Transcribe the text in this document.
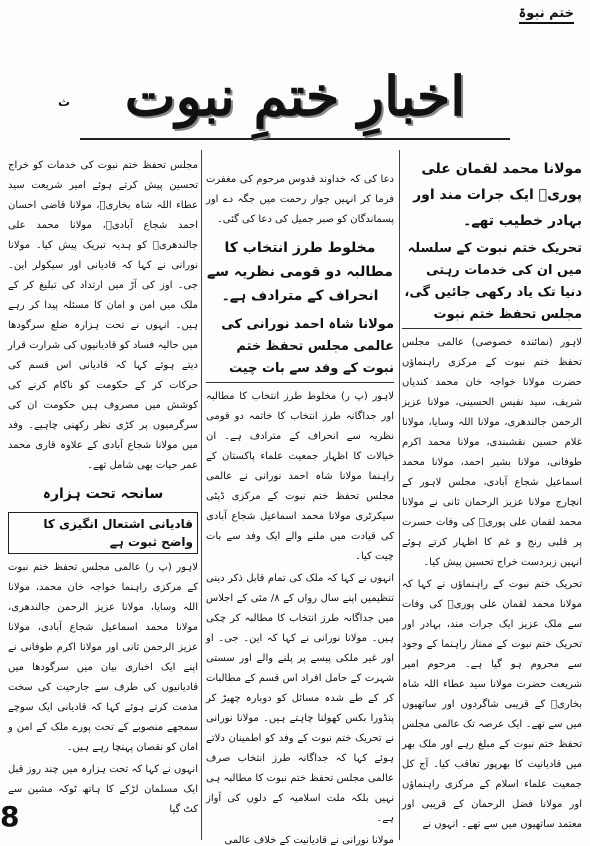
ختم نبوۃ
اخبارِ ختمِ نبوت
ث
مولانا محمد لقمان علی پوریؒ ایک جرات مند اور بہادر خطیب تھے۔
تحریک ختم نبوت کے سلسلہ میں ان کی خدمات رہتی دنیا تک یاد رکھی جائیں گی، مجلس تحفظ ختم نبوت

لاہور (نمائندہ خصوصی) عالمی مجلس تحفظ ختم نبوت کے مرکزی راہنماؤں حضرت مولانا خواجہ خان محمد کندیاں شریف، سید نفیس الحسینی، مولانا عزیز الرحمن جالندھری، مولانا اللہ وسایا، مولانا غلام حسین نقشبندی، مولانا محمد اکرم طوفانی، مولانا بشیر احمد، مولانا محمد اسماعیل شجاع آبادی، مجلس لاہور کے انچارج مولانا عزیز الرحمان ثانی نے مولانا محمد لقمان علی پوریؒ کی وفات حسرت پر قلبی رنج و غم کا اظہار کرتے ہوئے انہیں زبردست خراج تحسین پیش کیا۔

تحریک ختم نبوت کے راہنماؤں نے کہا کہ مولانا محمد لقمان علی پوریؒ کی وفات سے ملک عزیز ایک جرات مند، بہادر اور تحریک ختم نبوت کے ممتاز راہنما کے وجود سے محروم ہو گیا ہے۔ مرحوم امیر شریعت حضرت مولانا سید عطاء اللہ شاہ بخاریؒ کے قریبی شاگردوں اور ساتھیوں میں سے تھے۔ ایک عرصہ تک عالمی مجلس تحفظ ختم نبوت کے مبلغ رہے اور ملک بھر میں قادیانیت کا بھرپور تعاقب کیا۔ آج کل جمعیت علماء اسلام کے مرکزی راہنماؤں اور مولانا فضل الرحمان کے قریبی اور معتمد ساتھیوں میں سے تھے۔ انہوں نے

دعا کی کہ خداوند قدوس مرحوم کی مغفرت فرما کر انہیں جوار رحمت میں جگہ دے اور پسماندگان کو صبر جمیل کی دعا کی گئی۔

مخلوط طرز انتخاب کا مطالبہ دو قومی نظریہ سے انحراف کے مترادف ہے۔
مولانا شاہ احمد نورانی کی عالمی مجلس تحفظ ختم نبوت کے وفد سے بات چیت

لاہور (پ ر) مخلوط طرز انتخاب کا مطالبہ اور جداگانہ طرز انتخاب کا خاتمہ دو قومی نظریہ سے انحراف کے مترادف ہے۔ ان خیالات کا اظہار جمعیت علماء پاکستان کے راہنما مولانا شاہ احمد نورانی نے عالمی مجلس تحفظ ختم نبوت کے مرکزی ڈپٹی سیکرٹری مولانا محمد اسماعیل شجاع آبادی کی قیادت میں ملنے والے ایک وفد سے بات چیت کیا۔

انہوں نے کہا کہ ملک کی تمام قابل ذکر دینی تنظیمیں اپنے سال رواں کے ۸/ مئی کے اجلاس میں جداگانہ طرز انتخاب کا مطالبہ کر چکی ہیں۔ مولانا نورانی نے کہا کہ این۔ جی۔ او اور غیر ملکی پیسے پر پلنے والے اور سستی شہرت کے حامل افراد اس قسم کے مطالبات کر کے طے شدہ مسائل کو دوبارہ چھیڑ کر پنڈورا بکس کھولنا چاہتے ہیں۔ مولانا نورانی نے تحریک ختم نبوت کے وفد کو اطمینان دلاتے ہوئے کہا کہ جداگانہ طرز انتخاب صرف عالمی مجلس تحفظ ختم نبوت کا مطالبہ ہی نہیں بلکہ ملت اسلامیہ کے دلوں کی آواز ہے۔

مولانا نورانی نے قادیانیت کے خلاف عالمی

مجلس تحفظ ختم نبوت کی خدمات کو خراج تحسین پیش کرتے ہوئے امیر شریعت سید عطاء اللہ شاہ بخاریؒ، مولانا قاضی احسان احمد شجاع آبادیؒ، مولانا محمد علی جالندھریؒ کو ہدیہ تبریک پیش کیا۔ مولانا نورانی نے کہا کہ قادیانی اور سیکولر این۔ جی۔ اوز کی آڑ میں ارتداد کی تبلیغ کر کے ملک میں امن و امان کا مسئلہ پیدا کر رہے ہیں۔ انہوں نے تحت ہزارہ ضلع سرگودھا میں حالیہ فساد کو قادیانیوں کی شرارت قرار دیتے ہوئے کہا کہ قادیانی اس قسم کی حرکات کر کے حکومت کو ناکام کرنے کی کوشش میں مصروف ہیں حکومت ان کی سرگرمیوں پر کڑی نظر رکھنی چاہیے۔ وفد میں مولانا شجاع آبادی کے علاوہ قاری محمد عمر حیات بھی شامل تھے۔

سانحہ تحت ہزارہ
قادیانی اشتعال انگیزی کا واضح ثبوت ہے

لاہور (پ ر) عالمی مجلس تحفظ ختم نبوت کے مرکزی راہنما خواجہ خان محمد، مولانا اللہ وسایا، مولانا عزیز الرحمن جالندھری، مولانا محمد اسماعیل شجاع آبادی، مولانا عزیز الرحمن ثانی اور مولانا اکرم طوفانی نے اپنے ایک اخباری بیان میں سرگودھا میں قادیانیوں کی طرف سے جارحیت کی سخت مذمت کرتے ہوئے کہا کہ قادیانی ایک سوچے سمجھے منصوبے کے تحت پورے ملک کے امن و امان کو نقصان پہنچا رہے ہیں۔

انہوں نے کہا کہ تحت ہزارہ میں چند روز قبل ایک مسلمان لڑکے کا ہاتھ ٹوکہ مشین سے کٹ گیا

8
